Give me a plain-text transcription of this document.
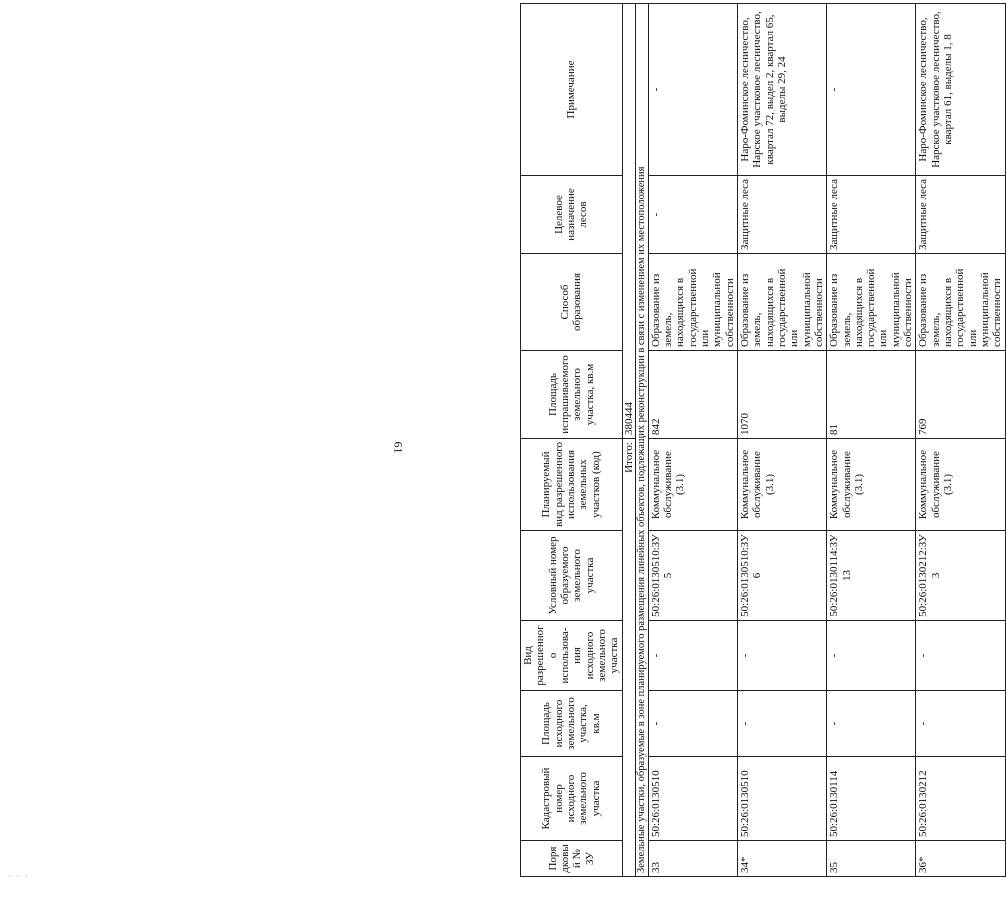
61
Порядковый № ЗУ	Кадастровый номер исходного земельного участка	Площадь исходного земельного участка, кв.м	Вид разрешенного использова-ния исходного земельного участка	Условный номер образуемого земельного участка	Планируемый вид разрешенного использования земельных участков (код)	Площадь испрашиваемого земельного участка, кв.м	Способ образования	Целевое назначение лесов	Примечание
Итого:						380444			
Земельные участки, образуемые в зоне планируемого размещения линейных объектов, подлежащих реконструкции в связи с изменением их местоположения									
33	50:26:0130510	-	-	50:26:0130510:ЗУ5	Коммунальное обслуживание (3.1)	842	Образование из земель, находящихся в государственной или муниципальной собственности	-	-
34*	50:26:0130510	-	-	50:26:0130510:ЗУ6	Коммунальное обслуживание (3.1)	1070	Образование из земель, находящихся в государственной или муниципальной собственности	Защитные леса	Наро-Фоминское лесничество, Нарское участковое лесничество, квартал 72, выдел 2, квартал 65, выделы 29, 24
35	50:26:0130114	-	-	50:26:0130114:ЗУ13	Коммунальное обслуживание (3.1)	81	Образование из земель, находящихся в государственной или муниципальной собственности	Защитные леса	-
36*	50:26:0130212	-	-	50:26:0130212:ЗУ3	Коммунальное обслуживание (3.1)	769	Образование из земель, находящихся в государственной или муниципальной собственности	Защитные леса	Наро-Фоминское лесничество, Нарское участковое лесничество, квартал 61, выделы 1, 8
· · ·
